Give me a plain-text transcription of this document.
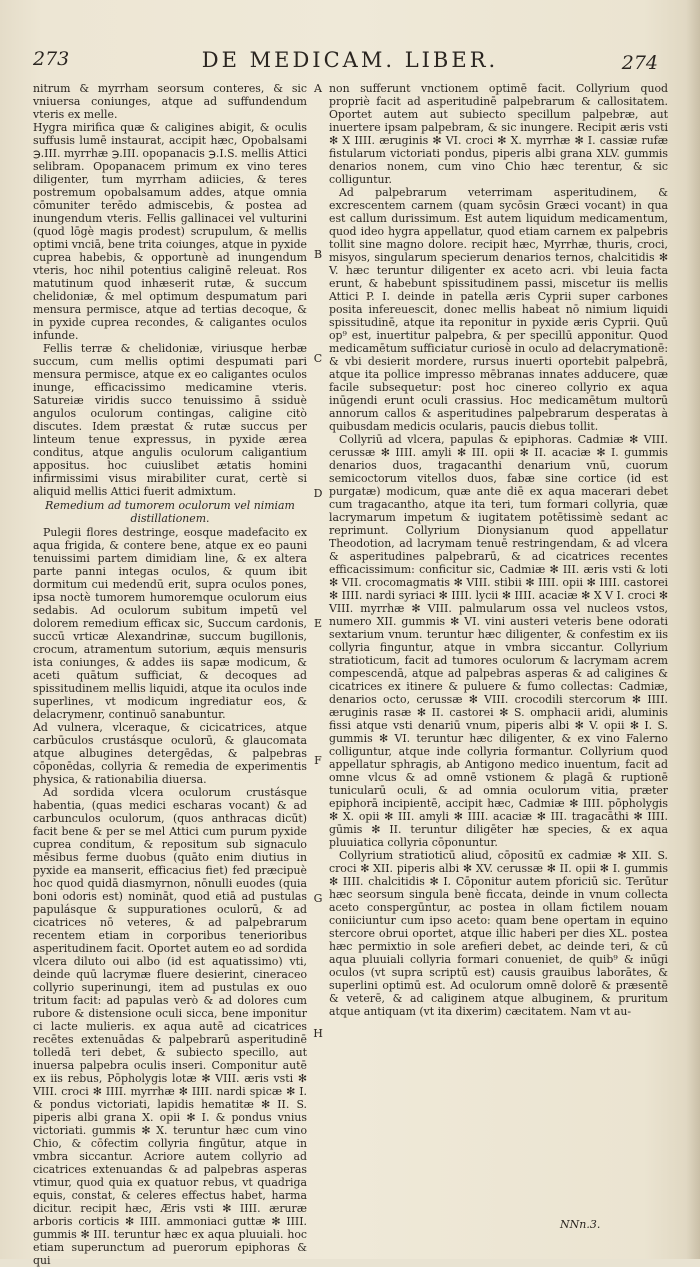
273	DE MEDICAM. LIBER.	274

nitrum & myrrham seorsum conteres, & sic vniuersa coniunges, atque ad suffundendum vteris ex melle.

Hygra mirifica quæ & caligines abigit, & oculis suffusis lumē instaurat, accipit hæc, Opobalsami ℈.III. myrrhæ ℈.III. opopanacis ℈.I.S. mellis Attici selibram. Opopanacem primum ex vino teres diligenter, tum myrrham adiicies, & teres postremum opobalsamum addes, atque omnia cōmuniter terēdo admiscebis, & postea ad inungendum vteris. Fellis gallinacei vel vulturini (quod lōgè magis prodest) scrupulum, & mellis optimi vnciā, bene trita coiunges, atque in pyxide cuprea habebis, & opportunè ad inungendum vteris, hoc nihil potentius caliginē releuat. Ros matutinum quod inhæserit rutæ, & succum chelidoniæ, & mel optimum despumatum pari mensura permisce, atque ad tertias decoque, & in pyxide cuprea recondes, & caligantes oculos infunde.

Fellis terræ & chelidoniæ, viriusque herbæ succum, cum mellis optimi despumati pari mensura permisce, atque ex eo caligantes oculos inunge, efficacissimo medicamine vteris. Satureiæ viridis succo tenuissimo ā ssiduè angulos oculorum contingas, caligine citò discutes. Idem præstat & rutæ succus per linteum tenue expressus, in pyxide ærea conditus, atque angulis oculorum caligantium appositus. hoc cuiuslibet ætatis homini infirmissimi visus mirabiliter curat, certè si aliquid mellis Attici fuerit admixtum.

Remedium ad tumorem oculorum vel nimiam distillationem.

Pulegii flores destringe, eosque madefacito ex aqua frigida, & contere bene, atque ex eo pauni tenuissimi partem dimidiam line, & ex altera parte panni integas oculos, & quum ibit dormitum cui medendū erit, supra oculos pones, ipsa noctè tumorem humoremque oculorum eius sedabis. Ad oculorum subitum impetū vel dolorem remedium efficax sic, Succum cardonis, succū vrticæ Alexandrinæ, succum bugillonis, crocum, atramentum sutorium, æquis mensuris ista coniunges, & addes iis sapæ modicum, & aceti quātum sufficiat, & decoques ad spissitudinem mellis liquidi, atque ita oculos inde superlines, vt modicum ingrediatur eos, & delacrymenr, continuō sanabuntur.

Ad vulnera, vlceraque, & cicicatrices, atque carbūculos crustásque oculorū, & glaucomata atque albugines detergēdas, & palpebras cōponēdas, collyria & remedia de experimentis physica, & rationabilia diuersa.

Ad sordida vlcera oculorum crustásque habentia, (quas medici escharas vocant) & ad carbunculos oculorum, (quos anthracas dicūt) facit bene & per se mel Attici cum purum pyxide cuprea conditum, & repositum sub signaculo mēsibus ferme duobus (quāto enim diutius in pyxide ea manserit, efficacius fiet) fed præcipuè hoc quod quidā diasmyrnon, nōnulli euodes (quia boni odoris est) nomināt, quod etiā ad pustulas papulásque & suppurationes oculorū, & ad cicatrices nō veteres, & ad palpebrarum recentem etiam in corporibus tenerioribus asperitudinem facit. Oportet autem eo ad sordida vlcera diluto oui albo (id est aquatissimo) vti, deinde quū lacrymæ fluere desierint, cineraceo collyrio superinungi, item ad pustulas ex ouo tritum facit: ad papulas verò & ad dolores cum rubore & distensione oculi sicca, bene imponitur ci lacte mulieris. ex aqua autē ad cicatrices recētes extenuādas & palpebrarū asperitudinē tolledā teri debet, & subiecto specillo, aut inuersa palpebra oculis inseri. Componitur autē ex iis rebus, Pōpholygis lotæ ✻ VIII. æris vsti ✻ VIII. croci ✻ IIII. myrrhæ ✻ IIII. nardi spicæ ✻ I. & pondus victoriati, lapidis hematitæ ✻ II. S. piperis albi grana X. opii ✻ I. & pondus vnius victoriati. gummis ✻ X. teruntur hæc cum vino Chio, & cōfectim collyria fingūtur, atque in vmbra siccantur. Acriore autem collyrio ad cicatrices extenuandas & ad palpebras asperas vtimur, quod quia ex quatuor rebus, vt quadriga equis, constat, & celeres effectus habet, harma dicitur. recipit hæc, Æris vsti ✻ IIII. æruræ arboris corticis ✻ IIII. ammoniaci guttæ ✻ IIII. gummis ✻ III. teruntur hæc ex aqua pluuiali. hoc etiam superunctum ad puerorum epiphoras & qui

A
B
C
D
E
F
G
H

non sufferunt vnctionem optimē facit. Collyrium quod propriè facit ad asperitudinē palpebrarum & callositatem. Oportet autem aut subiecto specillum palpebræ, aut inuertere ipsam palpebram, & sic inungere. Recipit æris vsti ✻ X IIII. æruginis ✻ VI. croci ✻ X. myrrhæ ✻ I. cassiæ rufæ fistularum victoriati pondus, piperis albi grana XLV. gummis denarios nonem, cum vino Chio hæc terentur, & sic colliguntur.

Ad palpebrarum veterrimam asperitudinem, & excrescentem carnem (quam sycōsin Græci vocant) in qua est callum durissimum. Est autem liquidum medicamentum, quod ideo hygra appellatur, quod etiam carnem ex palpebris tollit sine magno dolore. recipit hæc, Myrrhæ, thuris, croci, misyos, singularum specierum denarios ternos, chalcitidis ✻ V. hæc teruntur diligenter ex aceto acri. vbi leuia facta erunt, & habebunt spissitudinem passi, miscetur iis mellis Attici P. I. deinde in patella æris Cyprii super carbones posita infereuescit, donec mellis habeat nō nimium liquidi spissitudinē, atque ita reponitur in pyxide æris Cyprii. Quū op⁹ est, inuertitur palpebra, & per specillū apponitur. Quod medicamētum sufficiatur curiosè in oculo ad delacrymationē: & vbi desierit mordere, rursus inuerti oportebit palpebrā, atque ita pollice impresso mēbranas innates adducere, quæ facile subsequetur: post hoc cinereo collyrio ex aqua inūgendi erunt oculi crassius. Hoc medicamētum multorū annorum callos & asperitudines palpebrarum desperatas à quibusdam medicis ocularis, paucis diebus tollit.

Collyriū ad vlcera, papulas & epiphoras. Cadmiæ ✻ VIII. cerussæ ✻ IIII. amyli ✻ III. opii ✻ II. acaciæ ✻ I. gummis denarios duos, tragacanthi denarium vnū, cuorum semicoctorum vitellos duos, fabæ sine cortice (id est purgatæ) modicum, quæ ante diē ex aqua macerari debet cum tragacantho, atque ita teri, tum formari collyria, quæ lacrymarum impetum & iugitatem potētissimè sedant ac reprimunt. Collyrium Dionysianum quod appellatur Theodotion, ad lacrymam tenuē restringendam, & ad vlcera & asperitudines palpebrarū, & ad cicatrices recentes efficacissimum: conficitur sic, Cadmiæ ✻ III. æris vsti & loti ✻ VII. crocomagmatis ✻ VIII. stibii ✻ IIII. opii ✻ IIII. castorei ✻ IIII. nardi syriaci ✻ IIII. lycii ✻ IIII. acaciæ ✻ X V I. croci ✻ VIII. myrrhæ ✻ VIII. palmularum ossa vel nucleos vstos, numero XII. gummis ✻ VI. vini austeri veteris bene odorati sextarium vnum. teruntur hæc diligenter, & confestim ex iis collyria finguntur, atque in vmbra siccantur. Collyrium stratioticum, facit ad tumores oculorum & lacrymam acrem compescendā, atque ad palpebras asperas & ad caligines & cicatrices ex itinere & puluere & fumo collectas: Cadmiæ, denarios octo, cerussæ ✻ VIII. crocodili stercorum ✻ IIII. æruginis rasæ ✻ II. castorei ✻ S. omphacii aridi, aluminis fissi atque vsti denariū vnum, piperis albi ✻ V. opii ✻ I. S. gummis ✻ VI. teruntur hæc diligenter, & ex vino Falerno colliguntur, atque inde collyria formantur. Collyrium quod appellatur sphragis, ab Antigono medico inuentum, facit ad omne vlcus & ad omnē vstionem & plagā & ruptionē tunicularū oculi, & ad omnia oculorum vitia, præter epiphorā incipientē, accipit hæc, Cadmiæ ✻ IIII. pōpholygis ✻ X. opii ✻ III. amyli ✻ IIII. acaciæ ✻ III. tragacāthi ✻ IIII. gūmis ✻ II. teruntur diligēter hæ species, & ex aqua pluuiatica collyria cōponuntur.

Collyrium stratioticū aliud, cōpositū ex cadmiæ ✻ XII. S. croci ✻ XII. piperis albi ✻ XV. cerussæ ✻ II. opii ✻ I. gummis ✻ IIII. chalcitidis ✻ I. Cōponitur autem pforiciū sic. Terūtur hæc seorsum singula benè ficcata, deinde in vnum collecta aceto conspergūntur, ac postea in ollam fictilem nouam coniiciuntur cum ipso aceto: quam bene opertam in equino stercore obrui oportet, atque illic haberi per dies XL. postea hæc permixtio in sole arefieri debet, ac deinde teri, & cū aqua pluuiali collyria formari conueniet, de quib⁹ & inūgi oculos (vt supra scriptū est) causis grauibus laborātes, & superlini optimū est. Ad oculorum omnē dolorē & præsentē & veterē, & ad caliginem atque albuginem, & pruritum atque antiquam (vt ita dixerim) cæcitatem. Nam vt au-

NNn.3.
